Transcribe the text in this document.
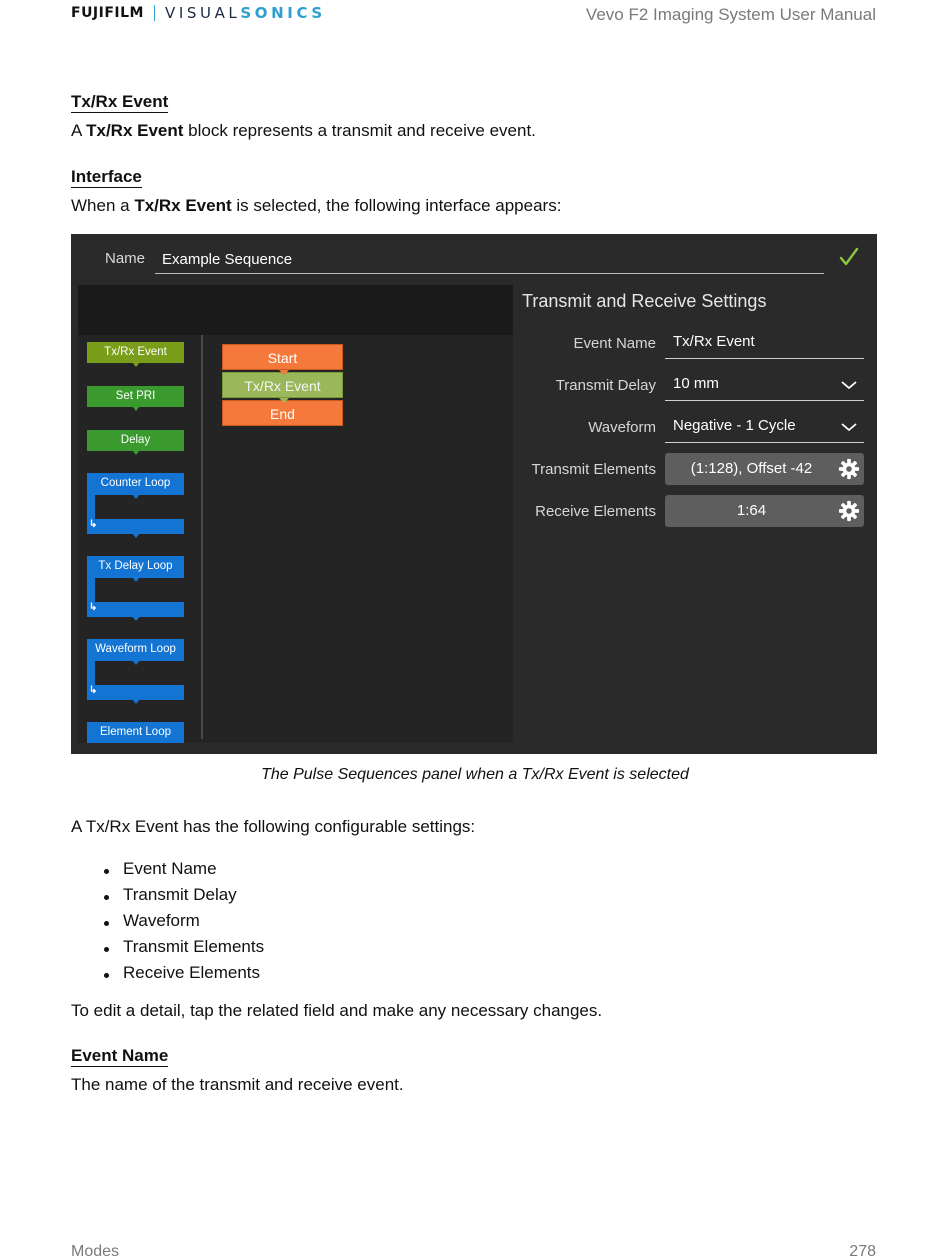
FUJIFILM VISUALSONICS	Vevo F2 Imaging System User Manual
Tx/Rx Event
A Tx/Rx Event block represents a transmit and receive event.
Interface
When a Tx/Rx Event is selected, the following interface appears:
Name	Example Sequence
Tx/Rx Event
Set PRI
Delay
Counter Loop
↳
Tx Delay Loop
↳
Waveform Loop
↳
Element Loop
Start
Tx/Rx Event
End
Transmit and Receive Settings
Event Name	Tx/Rx Event
Transmit Delay	10 mm
Waveform	Negative - 1 Cycle
Transmit Elements	(1:128), Offset -42
Receive Elements	1:64
The Pulse Sequences panel when a Tx/Rx Event is selected
A Tx/Rx Event has the following configurable settings:
Event Name
Transmit Delay
Waveform
Transmit Elements
Receive Elements
To edit a detail, tap the related field and make any necessary changes.
Event Name
The name of the transmit and receive event.
Modes	278
